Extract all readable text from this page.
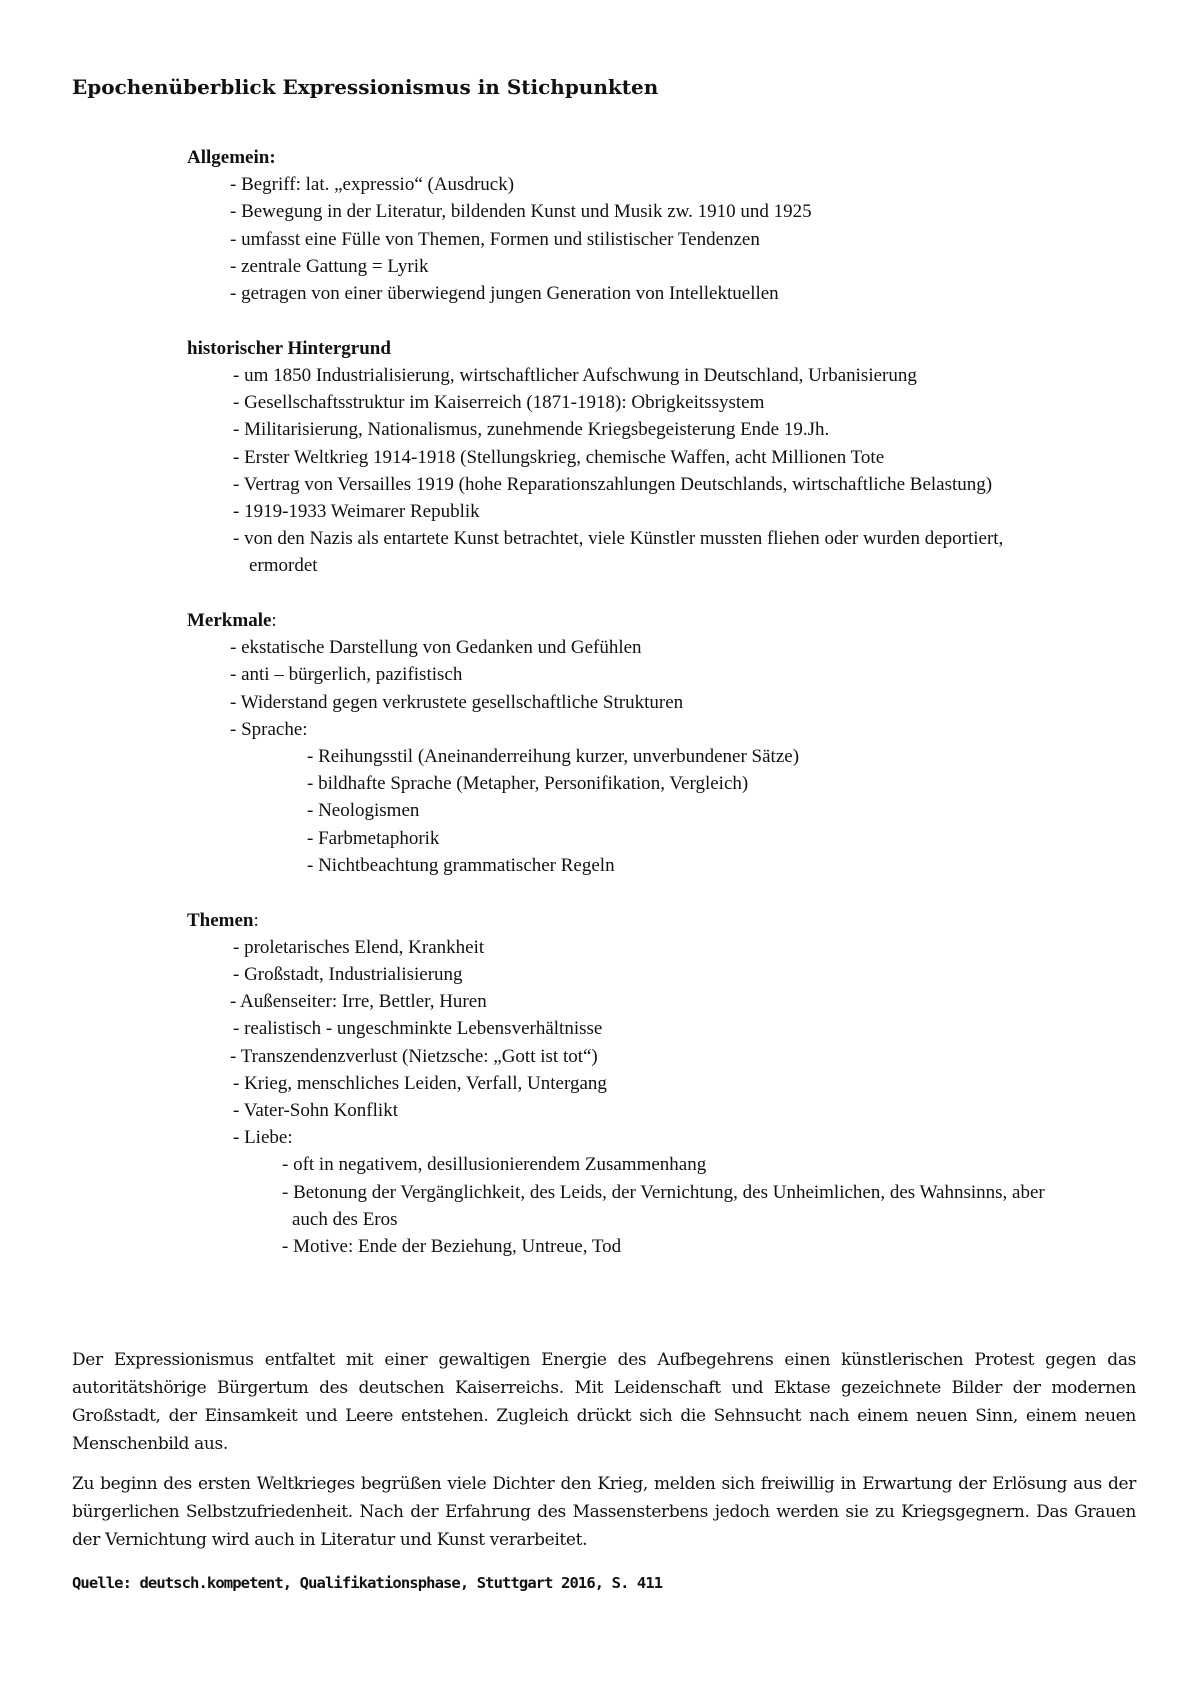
Epochenüberblick Expressionismus in Stichpunkten
Allgemein:
- Begriff: lat. „expressio“ (Ausdruck)
- Bewegung in der Literatur, bildenden Kunst und Musik zw. 1910 und 1925
- umfasst eine Fülle von Themen, Formen und stilistischer Tendenzen
- zentrale Gattung = Lyrik
- getragen von einer überwiegend jungen Generation von Intellektuellen
historischer Hintergrund
- um 1850 Industrialisierung, wirtschaftlicher Aufschwung in Deutschland, Urbanisierung
- Gesellschaftsstruktur im Kaiserreich (1871-1918): Obrigkeitssystem
- Militarisierung, Nationalismus, zunehmende Kriegsbegeisterung Ende 19.Jh.
- Erster Weltkrieg 1914-1918 (Stellungskrieg, chemische Waffen, acht Millionen Tote
- Vertrag von Versailles 1919 (hohe Reparationszahlungen Deutschlands, wirtschaftliche Belastung)
- 1919-1933 Weimarer Republik
- von den Nazis als entartete Kunst betrachtet, viele Künstler mussten fliehen oder wurden deportiert, ermordet
Merkmale:
- ekstatische Darstellung von Gedanken und Gefühlen
- anti – bürgerlich, pazifistisch
- Widerstand gegen verkrustete gesellschaftliche Strukturen
- Sprache:
- Reihungsstil (Aneinanderreihung kurzer, unverbundener Sätze)
- bildhafte Sprache (Metapher, Personifikation, Vergleich)
- Neologismen
- Farbmetaphorik
- Nichtbeachtung grammatischer Regeln
Themen:
- proletarisches Elend, Krankheit
- Großstadt, Industrialisierung
- Außenseiter: Irre, Bettler, Huren
- realistisch - ungeschminkte Lebensverhältnisse
- Transzendenzverlust (Nietzsche: „Gott ist tot“)
- Krieg, menschliches Leiden, Verfall, Untergang
- Vater-Sohn Konflikt
- Liebe:
- oft in negativem, desillusionierendem Zusammenhang
- Betonung der Vergänglichkeit, des Leids, der Vernichtung, des Unheimlichen, des Wahnsinns, aber auch des Eros
- Motive: Ende der Beziehung, Untreue, Tod

Der Expressionismus entfaltet mit einer gewaltigen Energie des Aufbegehrens einen künstlerischen Protest gegen das autoritätshörige Bürgertum des deutschen Kaiserreichs. Mit Leidenschaft und Ektase gezeichnete Bilder der modernen Großstadt, der Einsamkeit und Leere entstehen. Zugleich drückt sich die Sehnsucht nach einem neuen Sinn, einem neuen Menschenbild aus.

Zu beginn des ersten Weltkrieges begrüßen viele Dichter den Krieg, melden sich freiwillig in Erwartung der Erlösung aus der bürgerlichen Selbstzufriedenheit. Nach der Erfahrung des Massensterbens jedoch werden sie zu Kriegsgegnern. Das Grauen der Vernichtung wird auch in Literatur und Kunst verarbeitet.

Quelle: deutsch.kompetent, Qualifikationsphase, Stuttgart 2016, S. 411
